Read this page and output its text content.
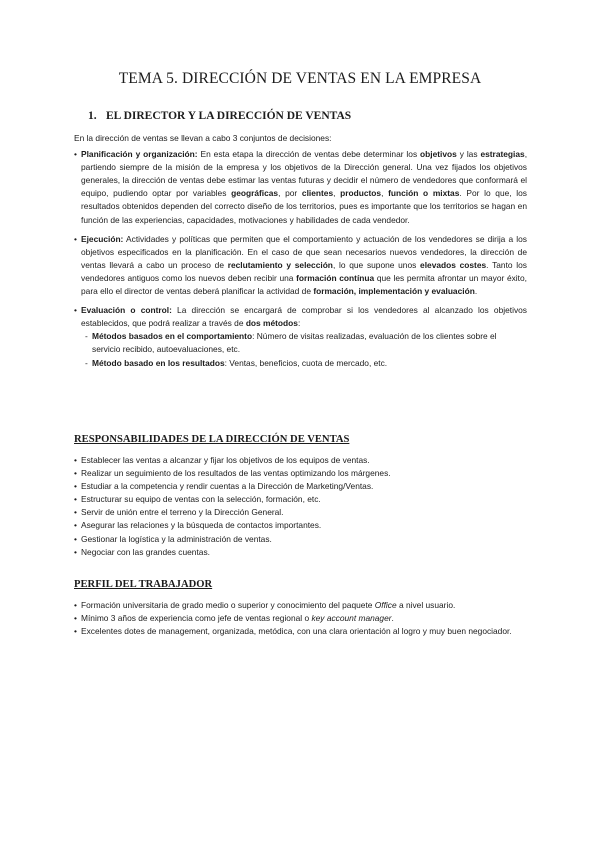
TEMA 5. DIRECCIÓN DE VENTAS EN LA EMPRESA
1. EL DIRECTOR Y LA DIRECCIÓN DE VENTAS

En la dirección de ventas se llevan a cabo 3 conjuntos de decisiones:

• Planificación y organización: En esta etapa la dirección de ventas debe determinar los objetivos y las estrategias, partiendo siempre de la misión de la empresa y los objetivos de la Dirección general. Una vez fijados los objetivos generales, la dirección de ventas debe estimar las ventas futuras y decidir el número de vendedores que conformará el equipo, pudiendo optar por variables geográficas, por clientes, productos, función o mixtas. Por lo que, los resultados obtenidos dependen del correcto diseño de los territorios, pues es importante que los territorios se hagan en función de las experiencias, capacidades, motivaciones y habilidades de cada vendedor.
• Ejecución: Actividades y políticas que permiten que el comportamiento y actuación de los vendedores se dirija a los objetivos especificados en la planificación. En el caso de que sean necesarios nuevos vendedores, la dirección de ventas llevará a cabo un proceso de reclutamiento y selección, lo que supone unos elevados costes. Tanto los vendedores antiguos como los nuevos deben recibir una formación contínua que les permita afrontar un mayor éxito, para ello el director de ventas deberá planificar la actividad de formación, implementación y evaluación.
• Evaluación o control: La dirección se encargará de comprobar si los vendedores al alcanzado los objetivos establecidos, que podrá realizar a través de dos métodos:
- Métodos basados en el comportamiento: Número de visitas realizadas, evaluación de los clientes sobre el servicio recibido, autoevaluaciones, etc.
- Método basado en los resultados: Ventas, beneficios, cuota de mercado, etc.
RESPONSABILIDADES DE LA DIRECCIÓN DE VENTAS
• Establecer las ventas a alcanzar y fijar los objetivos de los equipos de ventas.
• Realizar un seguimiento de los resultados de las ventas optimizando los márgenes.
• Estudiar a la competencia y rendir cuentas a la Dirección de Marketing/Ventas.
• Estructurar su equipo de ventas con la selección, formación, etc.
• Servir de unión entre el terreno y la Dirección General.
• Asegurar las relaciones y la búsqueda de contactos importantes.
• Gestionar la logística y la administración de ventas.
• Negociar con las grandes cuentas.
PERFIL DEL TRABAJADOR
• Formación universitaria de grado medio o superior y conocimiento del paquete Office a nivel usuario.
• Mínimo 3 años de experiencia como jefe de ventas regional o key account manager.
• Excelentes dotes de management, organizada, metódica, con una clara orientación al logro y muy buen negociador.
